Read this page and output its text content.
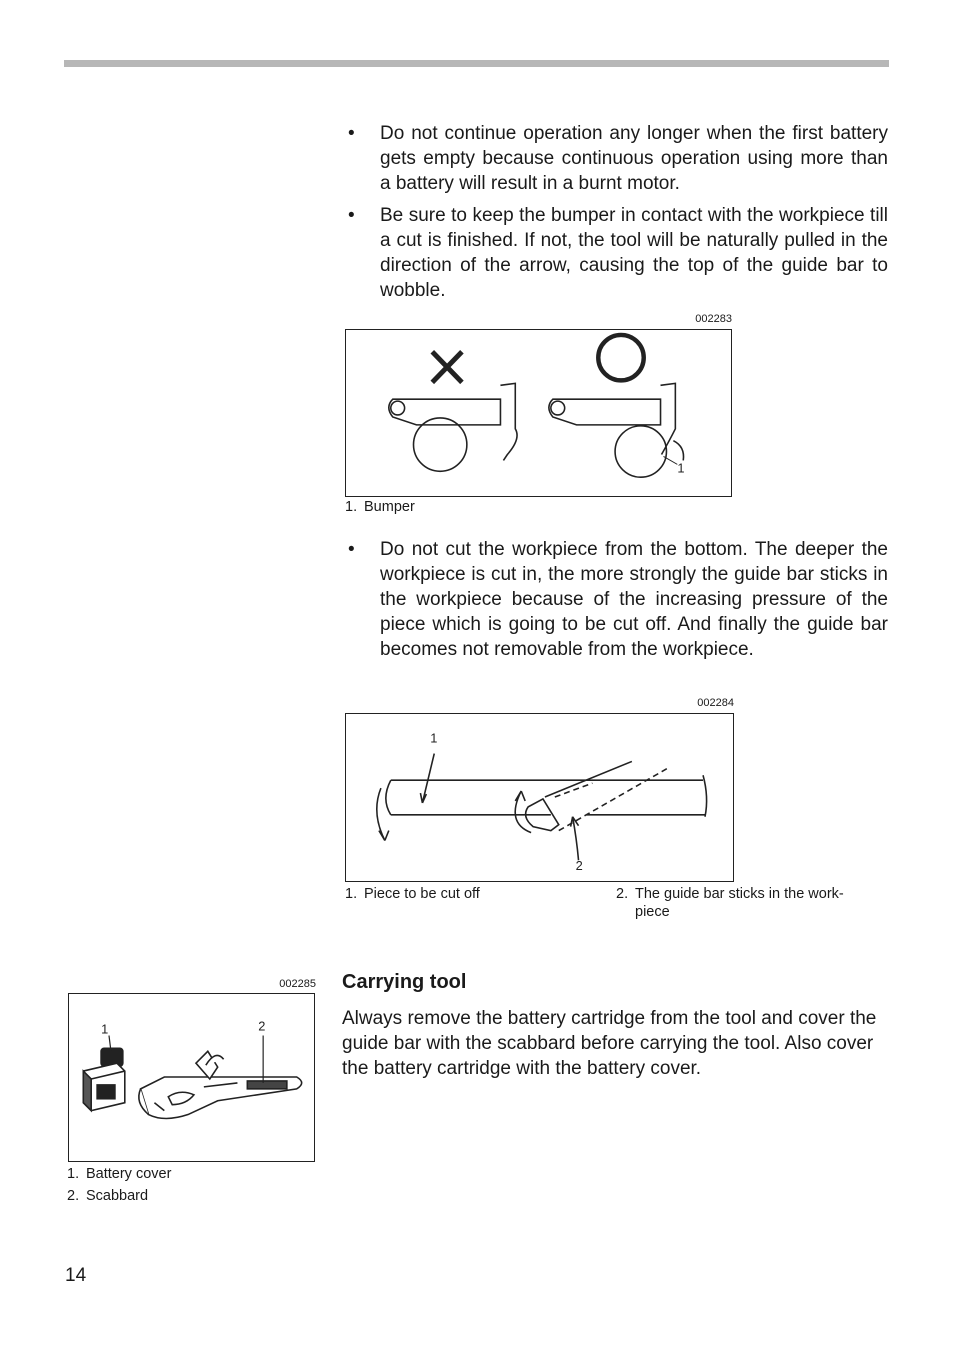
• Do not continue operation any longer when the first battery gets empty because continuous operation using more than a battery will result in a burnt motor.
• Be sure to keep the bumper in contact with the workpiece till a cut is finished. If not, the tool will be naturally pulled in the direction of the arrow, causing the top of the guide bar to wobble.
002283
1
1. Bumper
• Do not cut the workpiece from the bottom. The deeper the workpiece is cut in, the more strongly the guide bar sticks in the workpiece because of the increasing pressure of the piece which is going to be cut off. And finally the guide bar becomes not removable from the workpiece.
002284
1
2
1. Piece to be cut off	2. The guide bar sticks in the work-
piece
Carrying tool
Always remove the battery cartridge from the tool and cover the guide bar with the scabbard before carrying the tool. Also cover the battery cartridge with the battery cover.
002285
1	2
1. Battery cover
2. Scabbard
14
